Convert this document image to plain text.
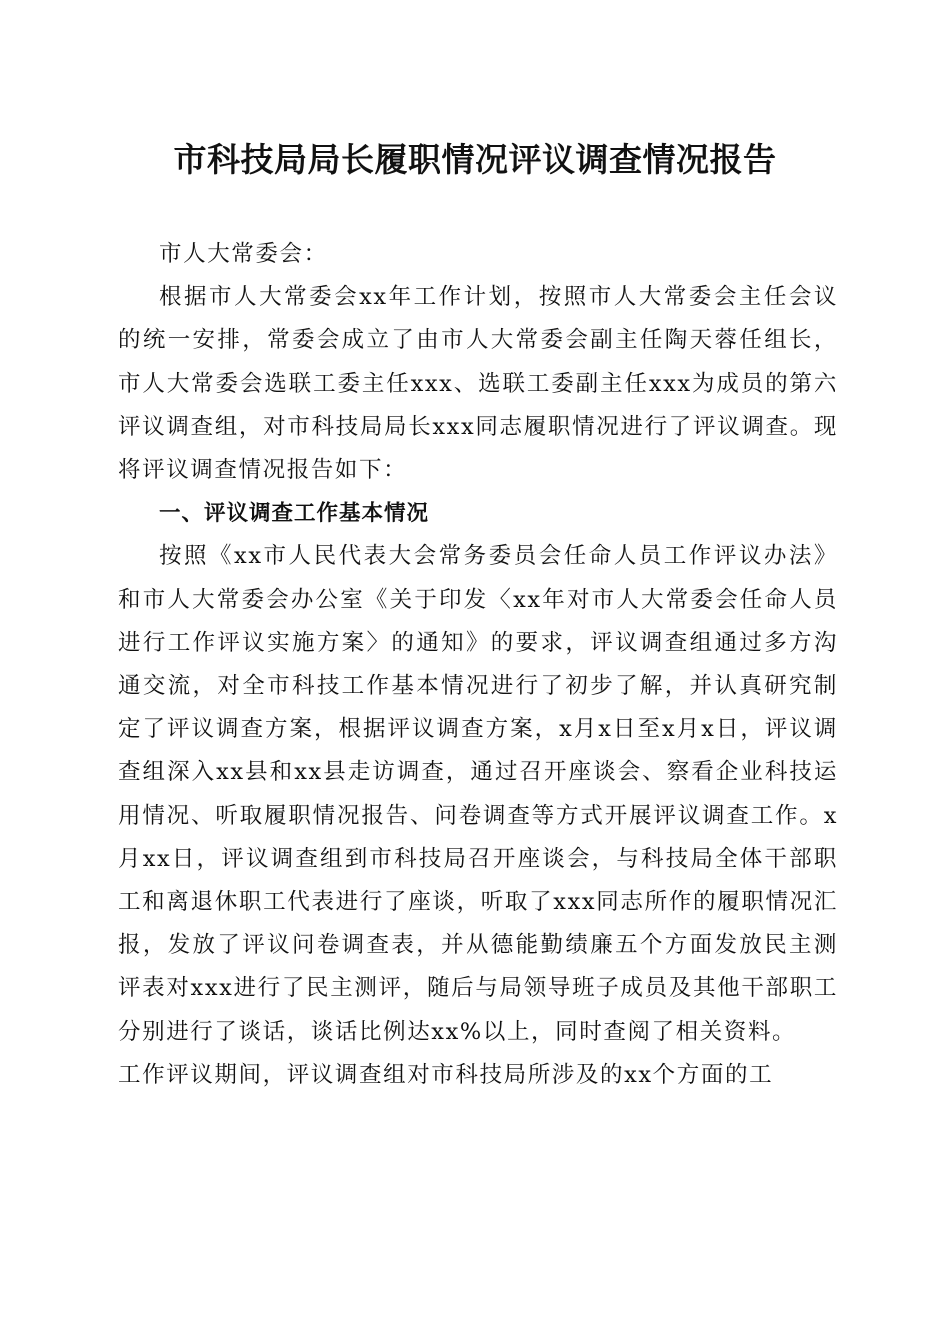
市科技局局长履职情况评议调查情况报告

市人大常委会：

根据市人大常委会xx年工作计划，按照市人大常委会主任会议的统一安排，常委会成立了由市人大常委会副主任陶天蓉任组长，市人大常委会选联工委主任xxx、选联工委副主任xxx为成员的第六评议调查组，对市科技局局长xxx同志履职情况进行了评议调查。现将评议调查情况报告如下：

一、评议调查工作基本情况

按照《xx市人民代表大会常务委员会任命人员工作评议办法》和市人大常委会办公室《关于印发〈xx年对市人大常委会任命人员进行工作评议实施方案〉的通知》的要求，评议调查组通过多方沟通交流，对全市科技工作基本情况进行了初步了解，并认真研究制定了评议调查方案，根据评议调查方案，x月x日至x月x日，评议调查组深入xx县和xx县走访调查，通过召开座谈会、察看企业科技运用情况、听取履职情况报告、问卷调查等方式开展评议调查工作。x月xx日，评议调查组到市科技局召开座谈会，与科技局全体干部职工和离退休职工代表进行了座谈，听取了xxx同志所作的履职情况汇报，发放了评议问卷调查表，并从德能勤绩廉五个方面发放民主测评表对xxx进行了民主测评，随后与局领导班子成员及其他干部职工分别进行了谈话，谈话比例达xx%以上，同时查阅了相关资料。

工作评议期间，评议调查组对市科技局所涉及的xx个方面的工
